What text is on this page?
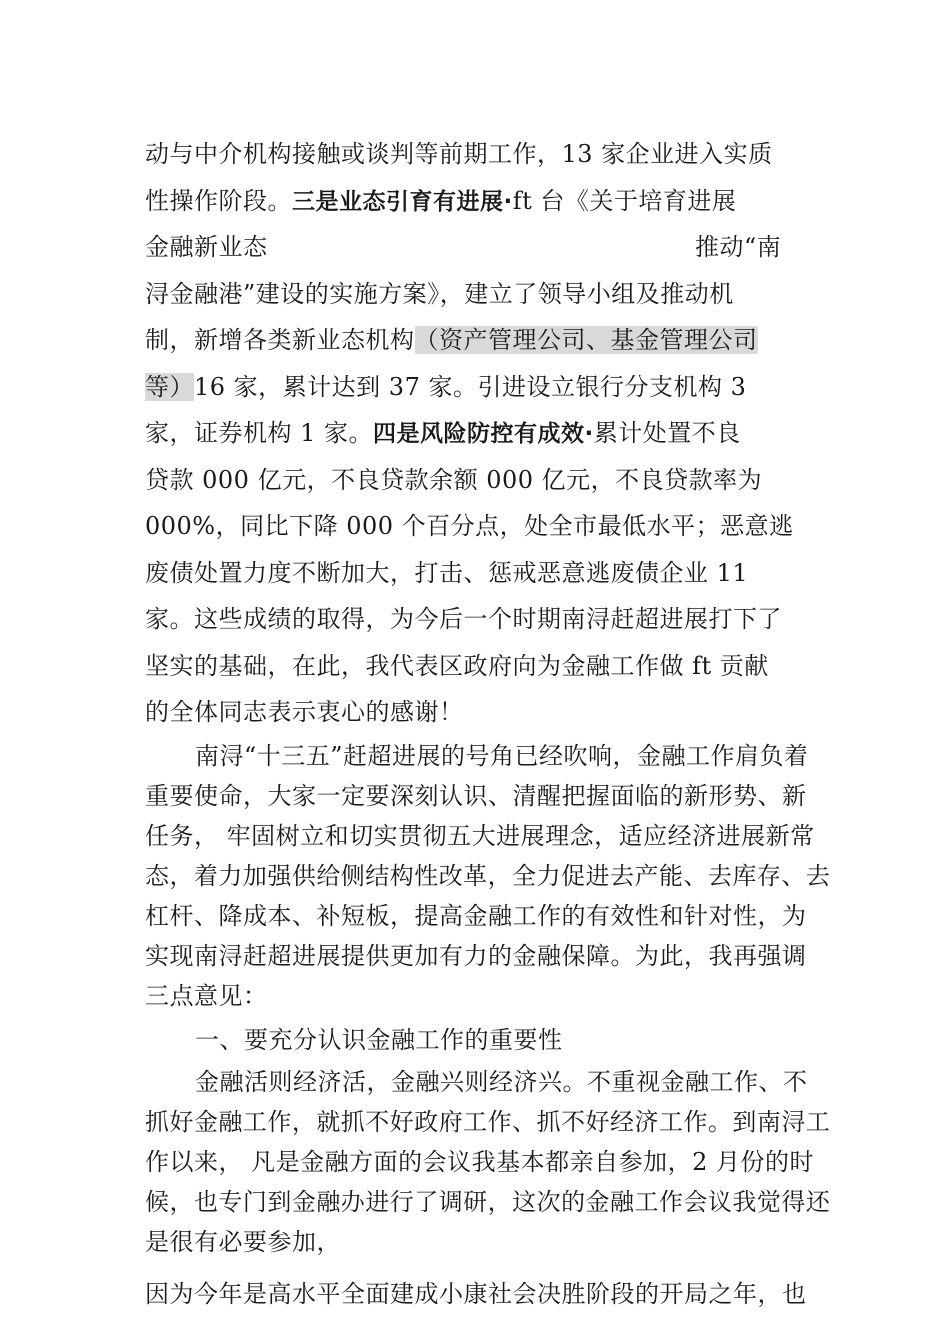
动与中介机构接触或谈判等前期工作，13 家企业进入实质
性操作阶段。三是业态引育有进展·ft 台《关于培育进展
金融新业态	推动“南
浔金融港”建设的实施方案》，建立了领导小组及推动机
制，新增各类新业态机构（资产管理公司、基金管理公司
等）16 家，累计达到 37 家。引进设立银行分支机构 3
家，证券机构 1 家。四是风险防控有成效·累计处置不良
贷款 000 亿元，不良贷款余额 000 亿元，不良贷款率为
000%，同比下降 000 个百分点，处全市最低水平；恶意逃
废债处置力度不断加大，打击、惩戒恶意逃废债企业 11
家。这些成绩的取得，为今后一个时期南浔赶超进展打下了
坚实的基础，在此，我代表区政府向为金融工作做 ft 贡献
的全体同志表示衷心的感谢！
南浔“十三五”赶超进展的号角已经吹响，金融工作肩负着
重要使命，大家一定要深刻认识、清醒把握面临的新形势、新
任务， 牢固树立和切实贯彻五大进展理念，适应经济进展新常
态，着力加强供给侧结构性改革，全力促进去产能、去库存、去
杠杆、降成本、补短板，提高金融工作的有效性和针对性，为
实现南浔赶超进展提供更加有力的金融保障。为此，我再强调
三点意见：
一、要充分认识金融工作的重要性
金融活则经济活，金融兴则经济兴。不重视金融工作、不
抓好金融工作，就抓不好政府工作、抓不好经济工作。到南浔工
作以来， 凡是金融方面的会议我基本都亲自参加，2 月份的时
候，也专门到金融办进行了调研，这次的金融工作会议我觉得还
是很有必要参加，
因为今年是高水平全面建成小康社会决胜阶段的开局之年，也
